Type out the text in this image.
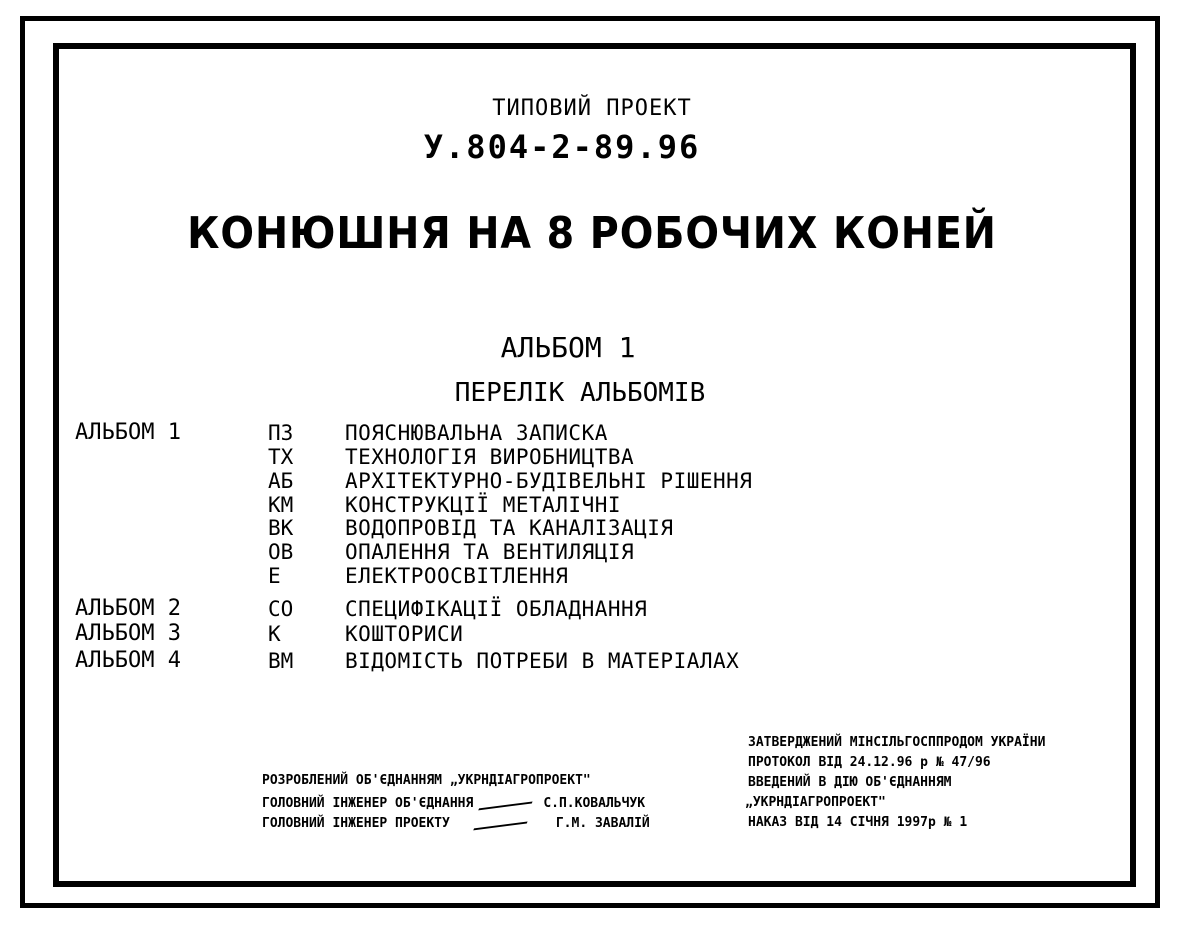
ТИПОВИЙ ПРОЕКТ
У.804-2-89.96
КОНЮШНЯ НА 8 РОБОЧИХ КОНЕЙ
АЛЬБОМ 1
ПЕРЕЛІК АЛЬБОМІВ
АЛЬБОМ 1	ПЗ ПОЯСНЮВАЛЬНА ЗАПИСКА
ТХ ТЕХНОЛОГІЯ ВИРОБНИЦТВА
АБ АРХІТЕКТУРНО-БУДІВЕЛЬНІ РІШЕННЯ
КМ КОНСТРУКЦІЇ МЕТАЛІЧНІ
ВК ВОДОПРОВІД ТА КАНАЛІЗАЦІЯ
ОВ ОПАЛЕННЯ ТА ВЕНТИЛЯЦІЯ
Е	ЕЛЕКТРООСВІТЛЕННЯ
АЛЬБОМ 2	СО СПЕЦИФІКАЦІЇ ОБЛАДНАННЯ
АЛЬБОМ 3	К	КОШТОРИСИ
АЛЬБОМ 4	ВМ ВІДОМІСТЬ ПОТРЕБИ В МАТЕРІАЛАХ
РОЗРОБЛЕНИЙ ОБ'ЄДНАННЯМ „УКРНДІАГРОПРОЕКТ"
ГОЛОВНИЙ ІНЖЕНЕР ОБ'ЄДНАННЯ	С.П.КОВАЛЬЧУК
ГОЛОВНИЙ ІНЖЕНЕР ПРОЕКТУ	Г.М. ЗАВАЛІЙ
ЗАТВЕРДЖЕНИЙ МІНСІЛЬГОСППРОДОМ УКРАЇНИ
ПРОТОКОЛ ВІД 24.12.96 р № 47/96
ВВЕДЕНИЙ В ДІЮ ОБ'ЄДНАННЯМ
„УКРНДІАГРОПРОЕКТ"
НАКАЗ ВІД 14 СІЧНЯ 1997р № 1
